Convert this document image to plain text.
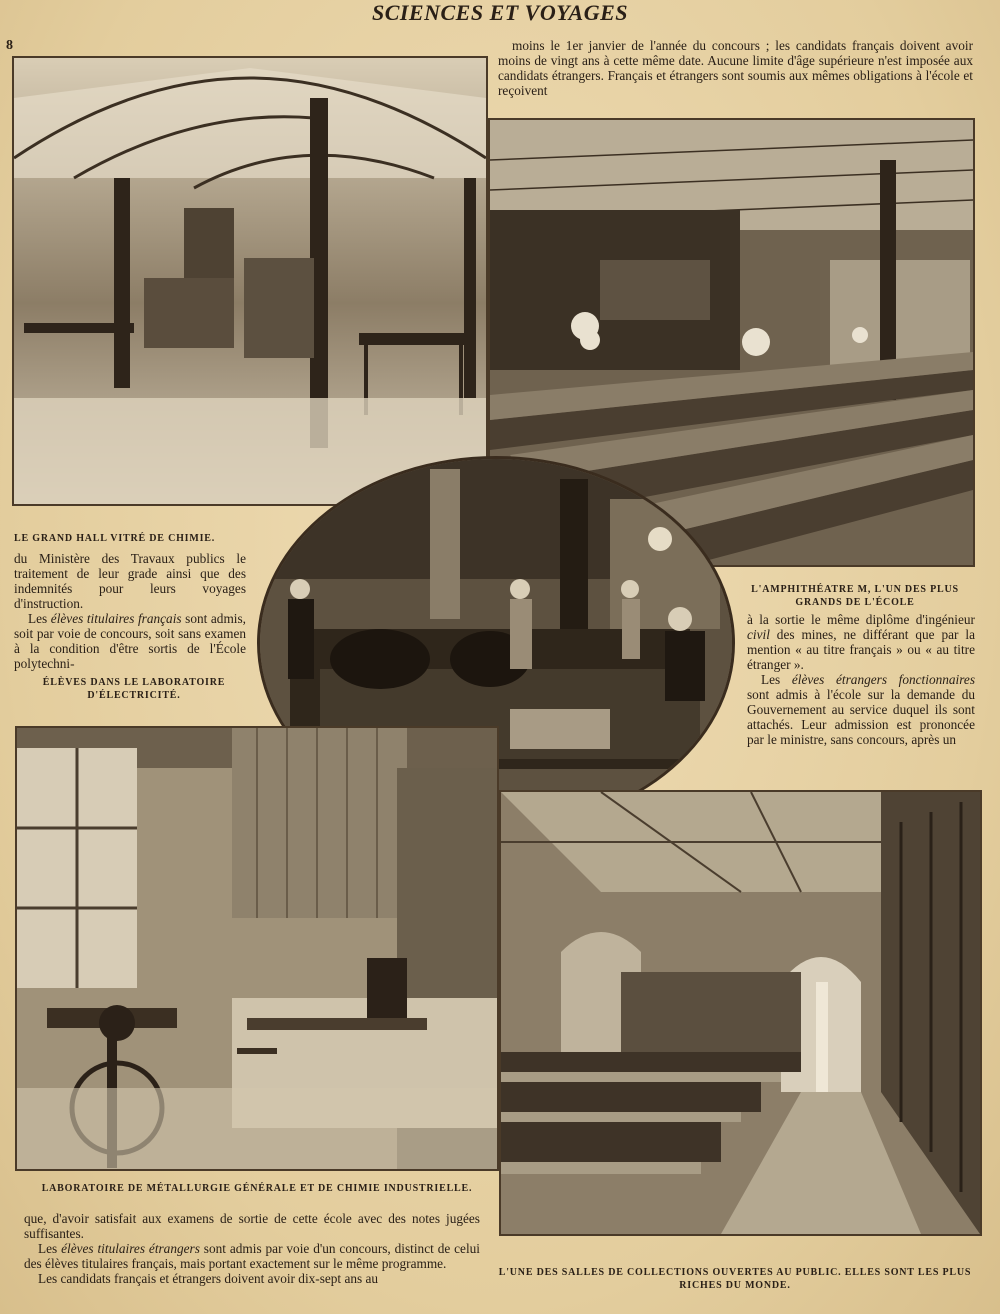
SCIENCES ET VOYAGES
8	moins le 1er janvier de l'année du concours ; les candidats français doivent avoir moins de vingt ans à cette même date. Aucune limite d'âge supérieure n'est imposée aux candidats étrangers. Français et étrangers sont soumis aux mêmes obligations à l'école et reçoivent

LE GRAND HALL VITRÉ DE CHIMIE.

du Ministère des Travaux publics le traitement de leur grade ainsi que des indemnités pour leurs voyages d'instruction.

Les élèves titulaires français sont admis, soit par voie de concours, soit sans examen à la condition d'être sortis de l'École polytechni-

ÉLÈVES DANS LE LABORATOIRE D'ÉLECTRICITÉ.
L'AMPHITHÉATRE M, L'UN DES PLUS GRANDS DE L'ÉCOLE

à la sortie le même diplôme d'ingénieur civil des mines, ne différant que par la mention « au titre français » ou « au titre étranger ».

Les élèves étrangers fonctionnaires sont admis à l'école sur la demande du Gouvernement au service duquel ils sont attachés. Leur admission est prononcée par le ministre, sans concours, après un

LABORATOIRE DE MÉTALLURGIE GÉNÉRALE ET DE CHIMIE INDUSTRIELLE.

que, d'avoir satisfait aux examens de sortie de cette école avec des notes jugées suffisantes.

Les élèves titulaires étrangers sont admis par voie d'un concours, distinct de celui des élèves titulaires français, mais portant exactement sur le même programme.

Les candidats français et étrangers doivent avoir dix-sept ans au	L'UNE DES SALLES DE COLLECTIONS OUVERTES AU PUBLIC. ELLES SONT LES PLUS RICHES DU MONDE.
